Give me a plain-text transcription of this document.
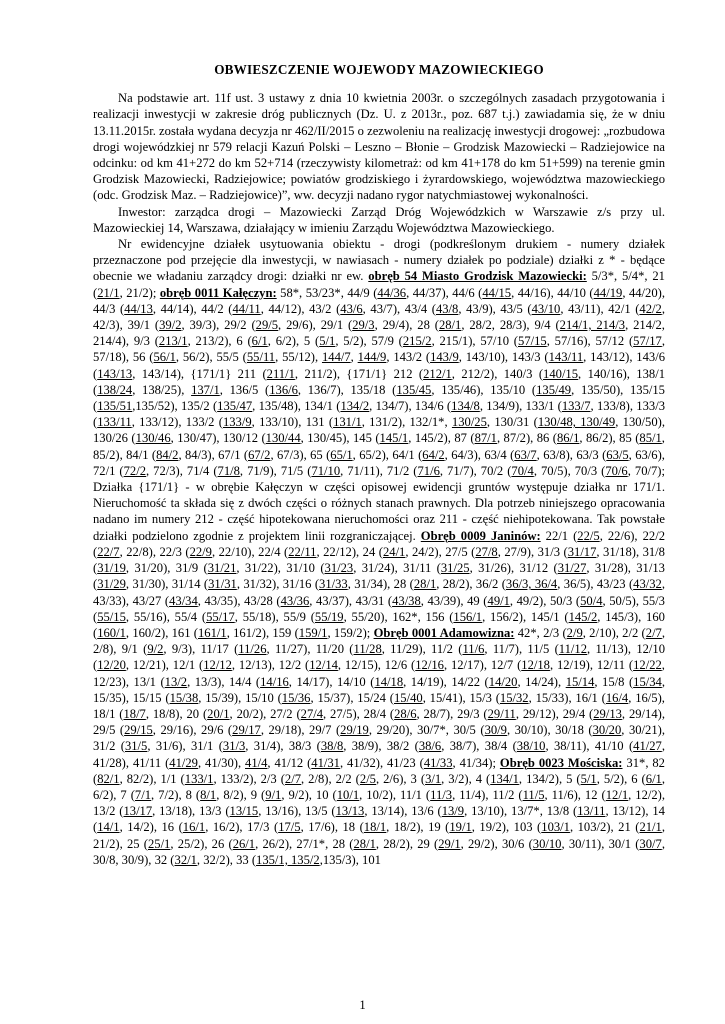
OBWIESZCZENIE WOJEWODY MAZOWIECKIEGO

Na podstawie art. 11f ust. 3 ustawy z dnia 10 kwietnia 2003r. o szczególnych zasadach przygotowania i realizacji inwestycji w zakresie dróg publicznych (Dz. U. z 2013r., poz. 687 t.j.) zawiadamia się, że w dniu 13.11.2015r. została wydana decyzja nr 462/II/2015 o zezwoleniu na realizację inwestycji drogowej: „rozbudowa drogi wojewódzkiej nr 579 relacji Kazuń Polski – Leszno – Błonie – Grodzisk Mazowiecki – Radziejowice na odcinku: od km 41+272 do km 52+714 (rzeczywisty kilometraż: od km 41+178 do km 51+599) na terenie gmin Grodzisk Mazowiecki, Radziejowice; powiatów grodziskiego i żyrardowskiego, województwa mazowieckiego (odc. Grodzisk Maz. – Radziejowice)”, ww. decyzji nadano rygor natychmiastowej wykonalności.

Inwestor: zarządca drogi – Mazowiecki Zarząd Dróg Wojewódzkich w Warszawie z/s przy ul. Mazowieckiej 14, Warszawa, działający w imieniu Zarządu Województwa Mazowieckiego.

Nr ewidencyjne działek usytuowania obiektu - drogi (podkreślonym drukiem - numery działek przeznaczone pod przejęcie dla inwestycji, w nawiasach - numery działek po podziale) działki z * - będące obecnie we władaniu zarządcy drogi: działki nr ew. obręb 54 Miasto Grodzisk Mazowiecki: 5/3*, 5/4*, 21 (21/1, 21/2); obręb 0011 Kałęczyn: 58*, 53/23*, 44/9 (44/36, 44/37), 44/6 (44/15, 44/16), 44/10 (44/19, 44/20), 44/3 (44/13, 44/14), 44/2 (44/11, 44/12), 43/2 (43/6, 43/7), 43/4 (43/8, 43/9), 43/5 (43/10, 43/11), 42/1 (42/2, 42/3), 39/1 (39/2, 39/3), 29/2 (29/5, 29/6), 29/1 (29/3, 29/4), 28 (28/1, 28/2, 28/3), 9/4 (214/1, 214/3, 214/2, 214/4), 9/3 (213/1, 213/2), 6 (6/1, 6/2), 5 (5/1, 5/2), 57/9 (215/2, 215/1), 57/10 (57/15, 57/16), 57/12 (57/17, 57/18), 56 (56/1, 56/2), 55/5 (55/11, 55/12), 144/7, 144/9, 143/2 (143/9, 143/10), 143/3 (143/11, 143/12), 143/6 (143/13, 143/14), {171/1} 211 (211/1, 211/2), {171/1} 212 (212/1, 212/2), 140/3 (140/15, 140/16), 138/1 (138/24, 138/25), 137/1, 136/5 (136/6, 136/7), 135/18 (135/45, 135/46), 135/10 (135/49, 135/50), 135/15 (135/51,135/52), 135/2 (135/47, 135/48), 134/1 (134/2, 134/7), 134/6 (134/8, 134/9), 133/1 (133/7, 133/8), 133/3 (133/11, 133/12), 133/2 (133/9, 133/10), 131 (131/1, 131/2), 132/1*, 130/25, 130/31 (130/48, 130/49, 130/50), 130/26 (130/46, 130/47), 130/12 (130/44, 130/45), 145 (145/1, 145/2), 87 (87/1, 87/2), 86 (86/1, 86/2), 85 (85/1, 85/2), 84/1 (84/2, 84/3), 67/1 (67/2, 67/3), 65 (65/1, 65/2), 64/1 (64/2, 64/3), 63/4 (63/7, 63/8), 63/3 (63/5, 63/6), 72/1 (72/2, 72/3), 71/4 (71/8, 71/9), 71/5 (71/10, 71/11), 71/2 (71/6, 71/7), 70/2 (70/4, 70/5), 70/3 (70/6, 70/7); Działka {171/1} - w obrębie Kałęczyn w części opisowej ewidencji gruntów występuje działka nr 171/1. Nieruchomość ta składa się z dwóch części o różnych stanach prawnych. Dla potrzeb niniejszego opracowania nadano im numery 212 - część hipotekowana nieruchomości oraz 211 - część niehipotekowana. Tak powstałe działki podzielono zgodnie z projektem linii rozgraniczającej. Obręb 0009 Janinów: 22/1 (22/5, 22/6), 22/2 (22/7, 22/8), 22/3 (22/9, 22/10), 22/4 (22/11, 22/12), 24 (24/1, 24/2), 27/5 (27/8, 27/9), 31/3 (31/17, 31/18), 31/8 (31/19, 31/20), 31/9 (31/21, 31/22), 31/10 (31/23, 31/24), 31/11 (31/25, 31/26), 31/12 (31/27, 31/28), 31/13 (31/29, 31/30), 31/14 (31/31, 31/32), 31/16 (31/33, 31/34), 28 (28/1, 28/2), 36/2 (36/3, 36/4, 36/5), 43/23 (43/32, 43/33), 43/27 (43/34, 43/35), 43/28 (43/36, 43/37), 43/31 (43/38, 43/39), 49 (49/1, 49/2), 50/3 (50/4, 50/5), 55/3 (55/15, 55/16), 55/4 (55/17, 55/18), 55/9 (55/19, 55/20), 162*, 156 (156/1, 156/2), 145/1 (145/2, 145/3), 160 (160/1, 160/2), 161 (161/1, 161/2), 159 (159/1, 159/2); Obręb 0001 Adamowizna: 42*, 2/3 (2/9, 2/10), 2/2 (2/7, 2/8), 9/1 (9/2, 9/3), 11/17 (11/26, 11/27), 11/20 (11/28, 11/29), 11/2 (11/6, 11/7), 11/5 (11/12, 11/13), 12/10 (12/20, 12/21), 12/1 (12/12, 12/13), 12/2 (12/14, 12/15), 12/6 (12/16, 12/17), 12/7 (12/18, 12/19), 12/11 (12/22, 12/23), 13/1 (13/2, 13/3), 14/4 (14/16, 14/17), 14/10 (14/18, 14/19), 14/22 (14/20, 14/24), 15/14, 15/8 (15/34, 15/35), 15/15 (15/38, 15/39), 15/10 (15/36, 15/37), 15/24 (15/40, 15/41), 15/3 (15/32, 15/33), 16/1 (16/4, 16/5), 18/1 (18/7, 18/8), 20 (20/1, 20/2), 27/2 (27/4, 27/5), 28/4 (28/6, 28/7), 29/3 (29/11, 29/12), 29/4 (29/13, 29/14), 29/5 (29/15, 29/16), 29/6 (29/17, 29/18), 29/7 (29/19, 29/20), 30/7*, 30/5 (30/9, 30/10), 30/18 (30/20, 30/21), 31/2 (31/5, 31/6), 31/1 (31/3, 31/4), 38/3 (38/8, 38/9), 38/2 (38/6, 38/7), 38/4 (38/10, 38/11), 41/10 (41/27, 41/28), 41/11 (41/29, 41/30), 41/4, 41/12 (41/31, 41/32), 41/23 (41/33, 41/34); Obręb 0023 Mościska: 31*, 82 (82/1, 82/2), 1/1 (133/1, 133/2), 2/3 (2/7, 2/8), 2/2 (2/5, 2/6), 3 (3/1, 3/2), 4 (134/1, 134/2), 5 (5/1, 5/2), 6 (6/1, 6/2), 7 (7/1, 7/2), 8 (8/1, 8/2), 9 (9/1, 9/2), 10 (10/1, 10/2), 11/1 (11/3, 11/4), 11/2 (11/5, 11/6), 12 (12/1, 12/2), 13/2 (13/17, 13/18), 13/3 (13/15, 13/16), 13/5 (13/13, 13/14), 13/6 (13/9, 13/10), 13/7*, 13/8 (13/11, 13/12), 14 (14/1, 14/2), 16 (16/1, 16/2), 17/3 (17/5, 17/6), 18 (18/1, 18/2), 19 (19/1, 19/2), 103 (103/1, 103/2), 21 (21/1, 21/2), 25 (25/1, 25/2), 26 (26/1, 26/2), 27/1*, 28 (28/1, 28/2), 29 (29/1, 29/2), 30/6 (30/10, 30/11), 30/1 (30/7, 30/8, 30/9), 32 (32/1, 32/2), 33 (135/1, 135/2,135/3), 101

1
